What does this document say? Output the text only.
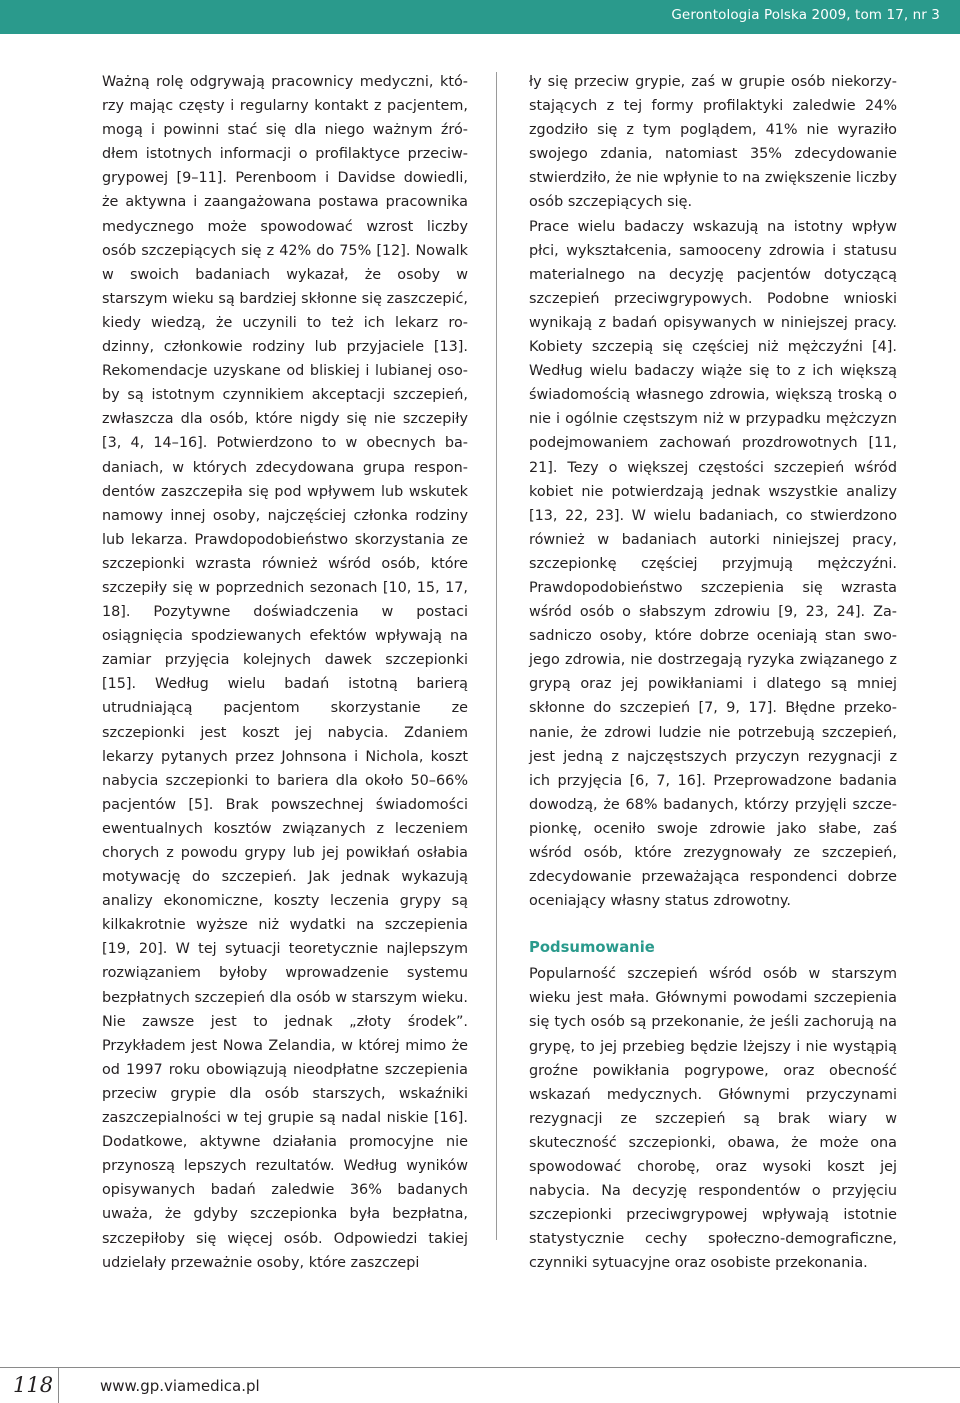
Gerontologia Polska 2009, tom 17, nr 3

Ważną rolę odgrywają pracownicy medyczni, którzy mając częsty i regularny kontakt z pacjentem, mogą i powinni stać się dla niego ważnym źródłem istotnych informacji o profilaktyce przeciwgrypowej [9–11]. Perenboom i Davidse dowiedli, że aktywna i zaangażowana postawa pracownika medycznego może spowodować wzrost liczby osób szczepiących się z 42% do 75% [12]. Nowalk w swoich badaniach wykazał, że osoby w starszym wieku są bardziej skłonne się zaszczepić, kiedy wiedzą, że uczynili to też ich lekarz rodzinny, członkowie rodziny lub przyjaciele [13]. Rekomendacje uzyskane od bliskiej i lubianej osoby są istotnym czynnikiem akceptacji szczepień, zwłaszcza dla osób, które nigdy się nie szczepiły [3, 4, 14–16]. Potwierdzono to w obecnych badaniach, w których zdecydowana grupa respondentów zaszczepiła się pod wpływem lub wskutek namowy innej osoby, najczęściej członka rodziny lub lekarza. Prawdopodobieństwo skorzystania ze szczepionki wzrasta również wśród osób, które szczepiły się w poprzednich sezonach [10, 15, 17, 18]. Pozytywne doświadczenia w postaci osiągnięcia spodziewanych efektów wpływają na zamiar przyjęcia kolejnych dawek szczepionki [15]. Według wielu badań istotną barierą utrudniającą pacjentom skorzystanie ze szczepionki jest koszt jej nabycia. Zdaniem lekarzy pytanych przez Johnsona i Nichola, koszt nabycia szczepionki to bariera dla około 50–66% pacjentów [5]. Brak powszechnej świadomości ewentualnych kosztów związanych z leczeniem chorych z powodu grypy lub jej powikłań osłabia motywację do szczepień. Jak jednak wykazują analizy ekonomiczne, koszty leczenia grypy są kilkakrotnie wyższe niż wydatki na szczepienia [19, 20]. W tej sytuacji teoretycznie najlepszym rozwiązaniem byłoby wprowadzenie systemu bezpłatnych szczepień dla osób w starszym wieku. Nie zawsze jest to jednak „złoty środek”. Przykładem jest Nowa Zelandia, w której mimo że od 1997 roku obowiązują nieodpłatne szczepienia przeciw grypie dla osób starszych, wskaźniki zaszczepialności w tej grupie są nadal niskie [16]. Dodatkowe, aktywne działania promocyjne nie przynoszą lepszych rezultatów. Według wyników opisywanych badań zaledwie 36% badanych uważa, że gdyby szczepionka była bezpłatna, szczepiłoby się więcej osób. Odpowiedzi takiej udzielały przeważnie osoby, które zaszczepi

ły się przeciw grypie, zaś w grupie osób niekorzystających z tej formy profilaktyki zaledwie 24% zgodziło się z tym poglądem, 41% nie wyraziło swojego zdania, natomiast 35% zdecydowanie stwierdziło, że nie wpłynie to na zwiększenie liczby osób szczepiących się.

Prace wielu badaczy wskazują na istotny wpływ płci, wykształcenia, samooceny zdrowia i statusu materialnego na decyzję pacjentów dotyczącą szczepień przeciwgrypowych. Podobne wnioski wynikają z badań opisywanych w niniejszej pracy. Kobiety szczepią się częściej niż mężczyźni [4]. Według wielu badaczy wiąże się to z ich większą świadomością własnego zdrowia, większą troską o nie i ogólnie częstszym niż w przypadku mężczyzn podejmowaniem zachowań prozdrowotnych [11, 21]. Tezy o większej częstości szczepień wśród kobiet nie potwierdzają jednak wszystkie analizy [13, 22, 23]. W wielu badaniach, co stwierdzono również w badaniach autorki niniejszej pracy, szczepionkę częściej przyjmują mężczyźni. Prawdopodobieństwo szczepienia się wzrasta wśród osób o słabszym zdrowiu [9, 23, 24]. Zasadniczo osoby, które dobrze oceniają stan swojego zdrowia, nie dostrzegają ryzyka związanego z grypą oraz jej powikłaniami i dlatego są mniej skłonne do szczepień [7, 9, 17]. Błędne przekonanie, że zdrowi ludzie nie potrzebują szczepień, jest jedną z najczęstszych przyczyn rezygnacji z ich przyjęcia [6, 7, 16]. Przeprowadzone badania dowodzą, że 68% badanych, którzy przyjęli szczepionkę, oceniło swoje zdrowie jako słabe, zaś wśród osób, które zrezygnowały ze szczepień, zdecydowanie przeważająca respondenci dobrze oceniający własny status zdrowotny.

Podsumowanie

Popularność szczepień wśród osób w starszym wieku jest mała. Głównymi powodami szczepienia się tych osób są przekonanie, że jeśli zachorują na grypę, to jej przebieg będzie lżejszy i nie wystąpią groźne powikłania pogrypowe, oraz obecność wskazań medycznych. Głównymi przyczynami rezygnacji ze szczepień są brak wiary w skuteczność szczepionki, obawa, że może ona spowodować chorobę, oraz wysoki koszt jej nabycia. Na decyzję respondentów o przyjęciu szczepionki przeciwgrypowej wpływają istotnie statystycznie cechy społeczno-demograficzne, czynniki sytuacyjne oraz osobiste przekonania.

118	www.gp.viamedica.pl
